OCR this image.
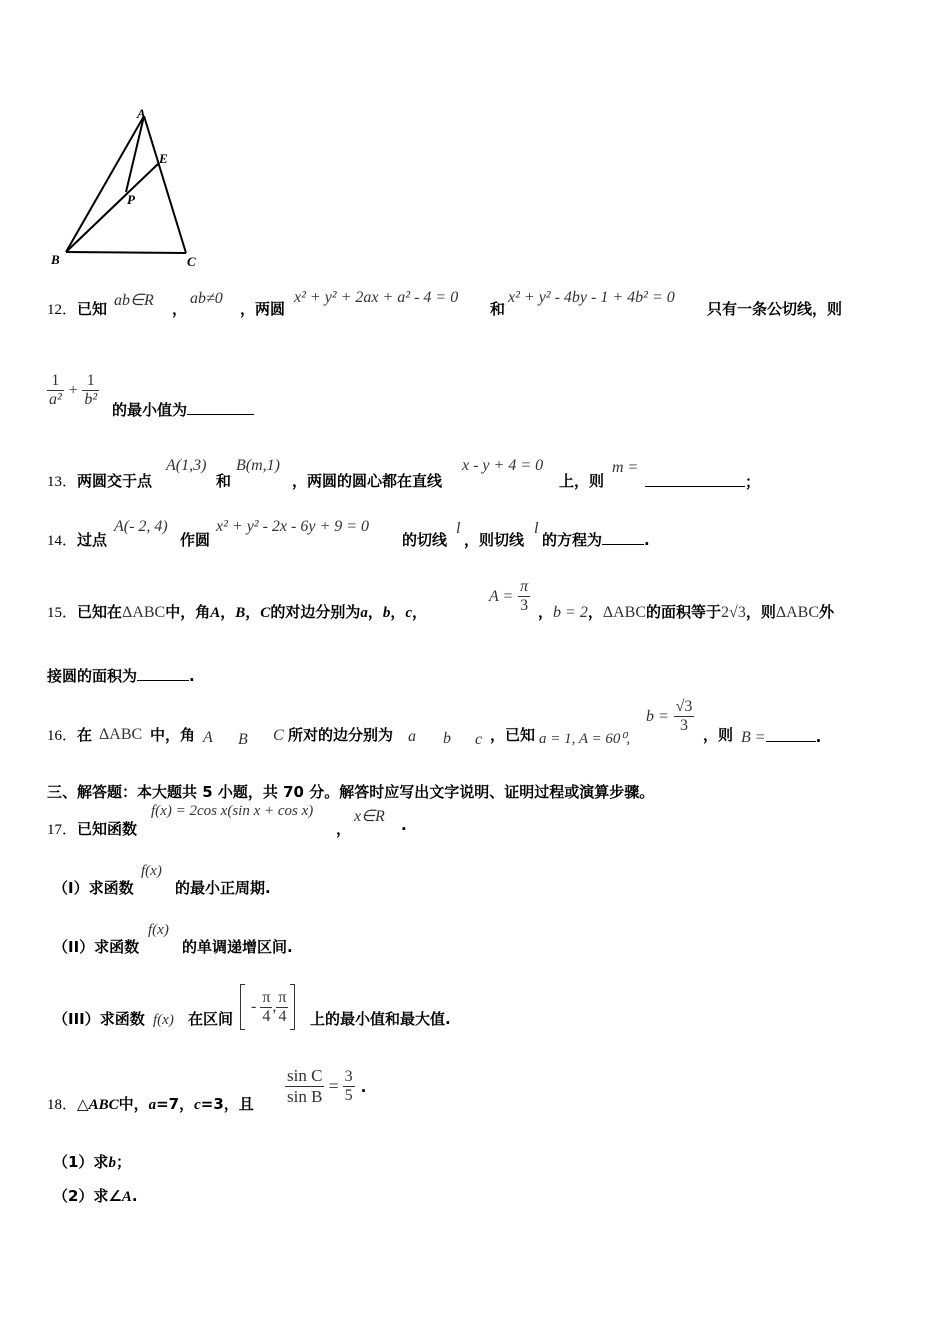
A
E
P
B	C
12．已知 ab∈R ，
ab≠0
，两圆
x² + y² + 2ax + a² - 4 = 0
和
x² + y² - 4by - 1 + 4b² = 0
只有一条公切线，则
$\frac{1}{\text{a²}} + \frac{1}{\text{b²}}$
的最小值为
13．两圆交于点
A(1,3)
和
B(m,1)
，两圆的圆心都在直线
x - y + 4 = 0
上，则
m =
；
14．过点
A(- 2, 4)
作圆
x² + y² - 2x - 6y + 9 = 0
的切线
l
，则切线
l
的方程为	.
15．已知在ΔABC中，角A，B，C的对边分别为a，b，c，
$A = \frac{\pi}{3}$ ，b = 2，ΔABC的面积等于2√3，则ΔABC外
接圆的面积为	.
16．在 ΔABC 中，角 A B C 所对的边分别为 a b c ，已知 a = 1, A = 60⁰,
$b = \frac{√3}{3}$ ，则 B =	.
三、解答题：本大题共 5 小题，共 70 分。解答时应写出文字说明、证明过程或演算步骤。
17．已知函数
f(x) = 2cos x(sin x + cos x)
，
x∈R .
（I）求函数
f(x)
的最小正周期.
（II）求函数
f(x)
的单调递增区间.
（III）求函数 f(x) 在区间
- $\frac{\pi}{4}$ , $\frac{\pi}{4}$ 上的最小值和最大值.
18．△ABC中，a=7，c=3，且 $\frac{\text{sin C}}{\text{sin B}} = \frac{3}{5}$ .
（1）求b；
（2）求∠A.
